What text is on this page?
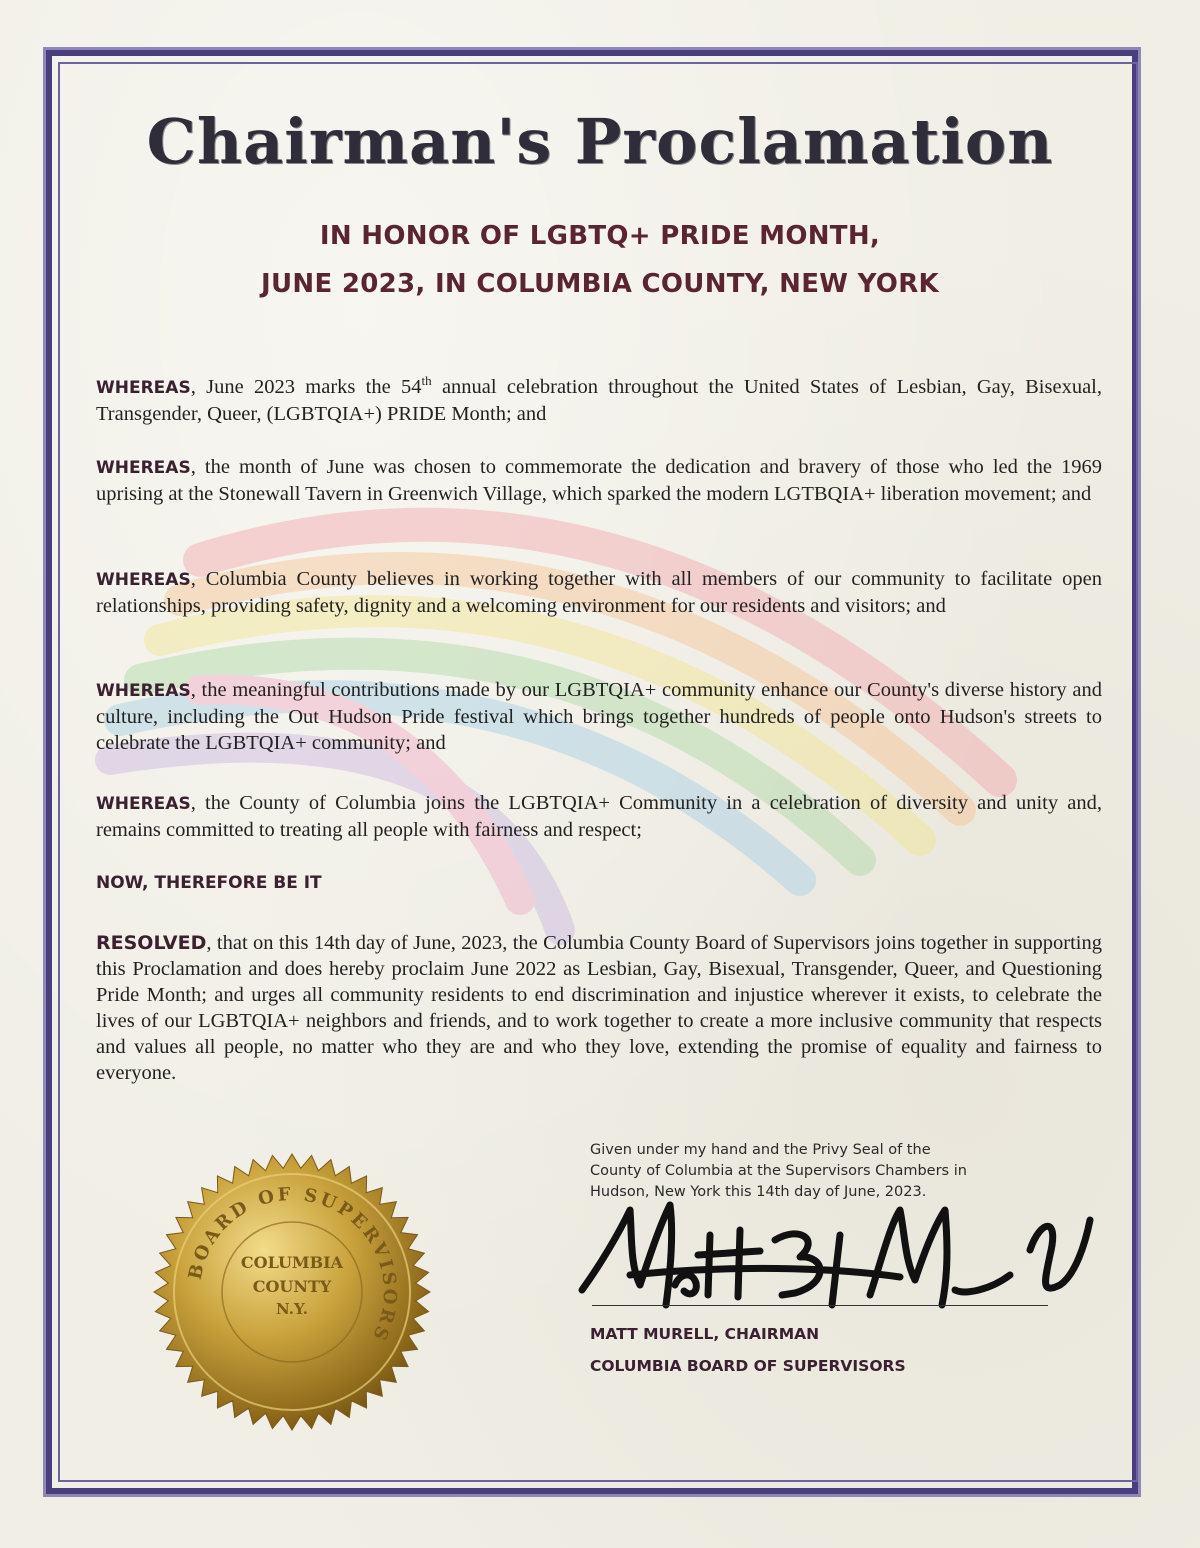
Chairman's Proclamation
IN HONOR OF LGBTQ+ PRIDE MONTH,
JUNE 2023, IN COLUMBIA COUNTY, NEW YORK
WHEREAS, June 2023 marks the 54th annual celebration throughout the United States of Lesbian, Gay, Bisexual, Transgender, Queer, (LGBTQIA+) PRIDE Month; and
WHEREAS, the month of June was chosen to commemorate the dedication and bravery of those who led the 1969 uprising at the Stonewall Tavern in Greenwich Village, which sparked the modern LGTBQIA+ liberation movement; and
WHEREAS, Columbia County believes in working together with all members of our community to facilitate open relationships, providing safety, dignity and a welcoming environment for our residents and visitors; and
WHEREAS, the meaningful contributions made by our LGBTQIA+ community enhance our County's diverse history and culture, including the Out Hudson Pride festival which brings together hundreds of people onto Hudson's streets to celebrate the LGBTQIA+ community; and
WHEREAS, the County of Columbia joins the LGBTQIA+ Community in a celebration of diversity and unity and, remains committed to treating all people with fairness and respect;
NOW, THEREFORE BE IT
RESOLVED, that on this 14th day of June, 2023, the Columbia County Board of Supervisors joins together in supporting this Proclamation and does hereby proclaim June 2022 as Lesbian, Gay, Bisexual, Transgender, Queer, and Questioning Pride Month; and urges all community residents to end discrimination and injustice wherever it exists, to celebrate the lives of our LGBTQIA+ neighbors and friends, and to work together to create a more inclusive community that respects and values all people, no matter who they are and who they love, extending the promise of equality and fairness to everyone.
BOARD OF SUPERVISORS
COLUMBIA
COUNTY
N.Y.
Given under my hand and the Privy Seal of the
County of Columbia at the Supervisors Chambers in
Hudson, New York this 14th day of June, 2023.
MATT MURELL, CHAIRMAN
COLUMBIA BOARD OF SUPERVISORS
